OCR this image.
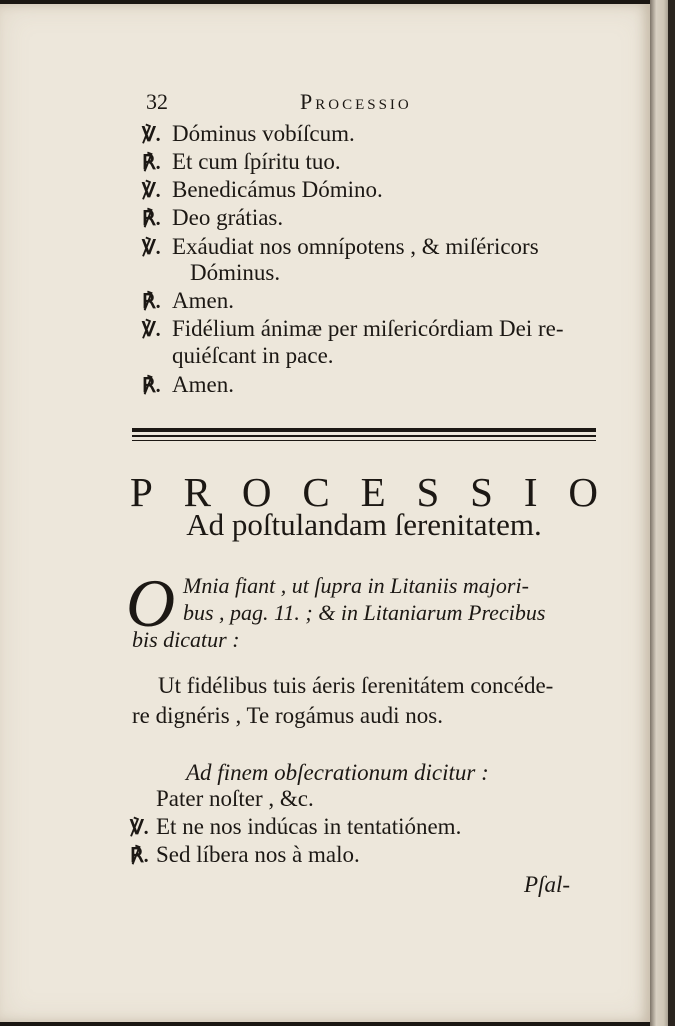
32	Processio
℣. Dóminus vobíſcum.
℟. Et cum ſpíritu tuo.
℣. Benedicámus Dómino.
℟. Deo grátias.
℣. Exáudiat nos omnípotens , & miſéricors
Dóminus.
℟. Amen.
℣. Fidélium ánimæ per miſericórdiam Dei re‑
quiéſcant in pace.
℟. Amen.
P R O C E S S I O
Ad poſtulandam ſerenitatem.
O Mnia fiant , ut ſupra in Litaniis majori-
bus , pag. 11. ; & in Litaniarum Precibus
bis dicatur :
Ut fidélibus tuis áeris ſerenitátem concéde-
re dignéris , Te rogámus audi nos.
Ad finem obſecrationum dicitur :
Pater noſter , &c.
℣. Et ne nos indúcas in tentatiónem.
℟. Sed líbera nos à malo.
Pſal-
